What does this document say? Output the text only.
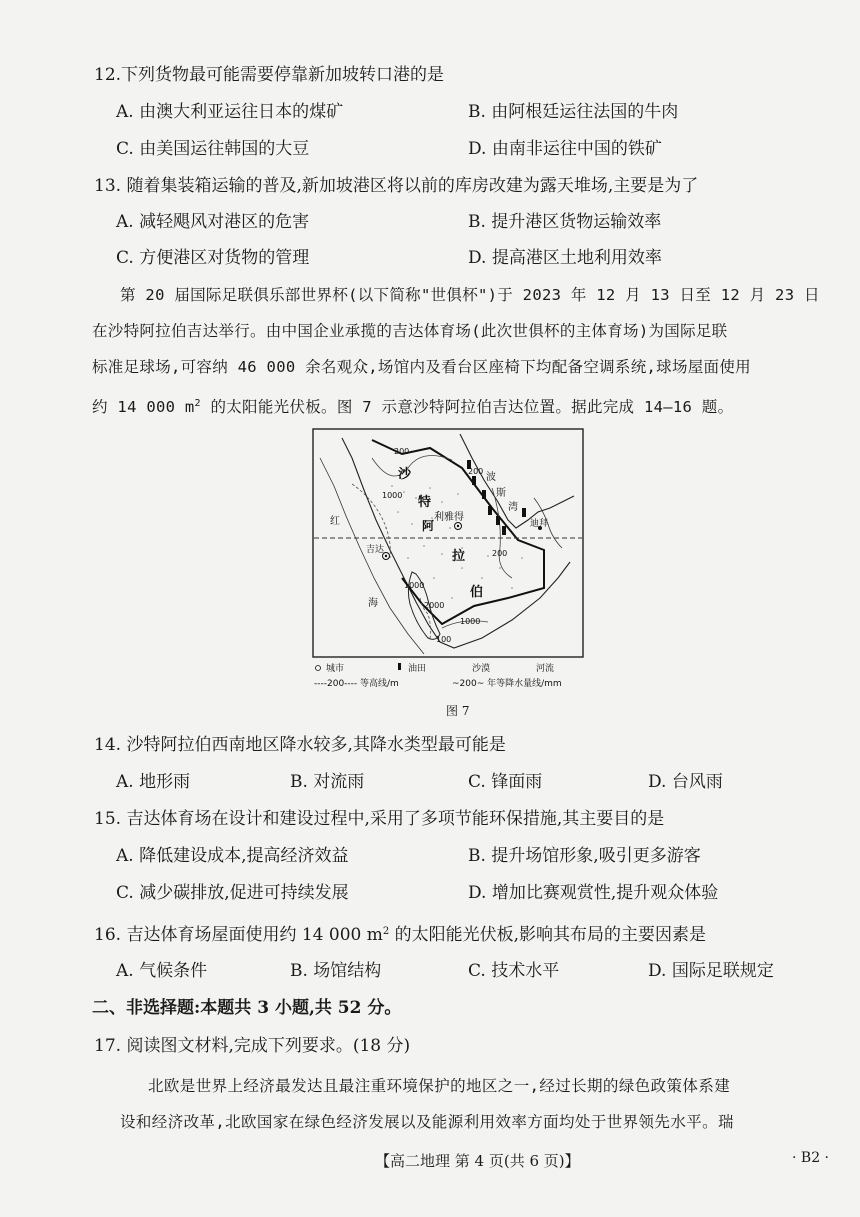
12.下列货物最可能需要停靠新加坡转口港的是
A. 由澳大利亚运往日本的煤矿	B. 由阿根廷运往法国的牛肉
C. 由美国运往韩国的大豆	D. 由南非运往中国的铁矿
13. 随着集装箱运输的普及,新加坡港区将以前的库房改建为露天堆场,主要是为了
A. 减轻飓风对港区的危害	B. 提升港区货物运输效率
C. 方便港区对货物的管理	D. 提高港区土地利用效率
第 20 届国际足联俱乐部世界杯(以下简称"世俱杯")于 2023 年 12 月 13 日至 12 月 23 日
在沙特阿拉伯吉达举行。由中国企业承揽的吉达体育场(此次世俱杯的主体育场)为国际足联
标准足球场,可容纳 46 000 余名观众,场馆内及看台区座椅下均配备空调系统,球场屋面使用
约 14 000 $m^2$ 的太阳能光伏板。图 7 示意沙特阿拉伯吉达位置。据此完成 14—16 题。
沙
特
阿
拉
伯
利雅得
红
海
吉达
迪拜
波
斯
湾
200
200
200
1000
1000
1000
100
2000
城市	油田	沙漠	河流
----200---- 等高线/m	~200~ 年等降水量线/mm
图 7
14. 沙特阿拉伯西南地区降水较多,其降水类型最可能是
A. 地形雨	B. 对流雨	C. 锋面雨	D. 台风雨
15. 吉达体育场在设计和建设过程中,采用了多项节能环保措施,其主要目的是
A. 降低建设成本,提高经济效益	B. 提升场馆形象,吸引更多游客
C. 减少碳排放,促进可持续发展	D. 增加比赛观赏性,提升观众体验
16. 吉达体育场屋面使用约 14 000 $m^2$ 的太阳能光伏板,影响其布局的主要因素是
A. 气候条件	B. 场馆结构	C. 技术水平	D. 国际足联规定
二、非选择题:本题共 3 小题,共 52 分。
17. 阅读图文材料,完成下列要求。(18 分)
北欧是世界上经济最发达且最注重环境保护的地区之一,经过长期的绿色政策体系建
设和经济改革,北欧国家在绿色经济发展以及能源利用效率方面均处于世界领先水平。瑞
【高二地理 第 4 页(共 6 页)】	· B2 ·
